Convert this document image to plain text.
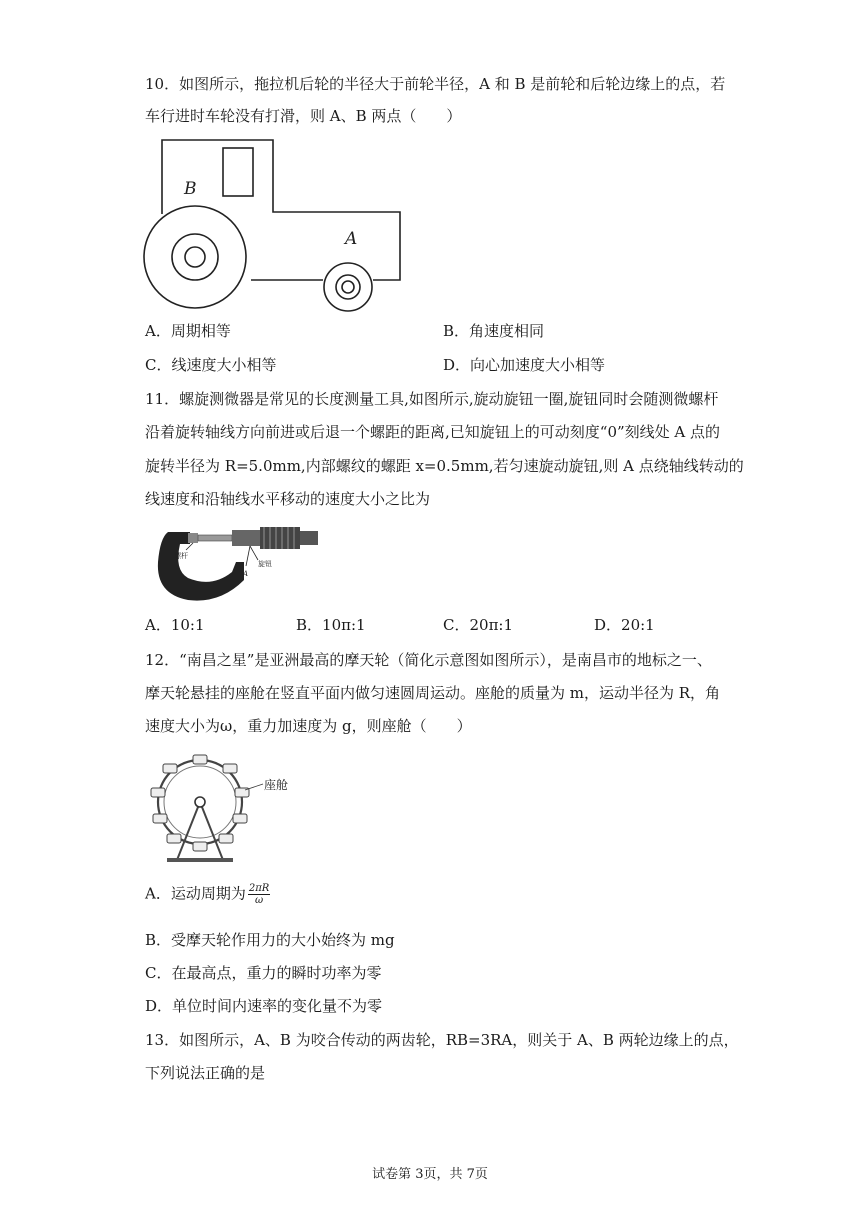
10．如图所示，拖拉机后轮的半径大于前轮半径，A 和 B 是前轮和后轮边缘上的点，若
车行进时车轮没有打滑，则 A、B 两点（　　）
B
A
A．周期相等	B．角速度相同
C．线速度大小相等	D．向心加速度大小相等
11．螺旋测微器是常见的长度测量工具,如图所示,旋动旋钮一圈,旋钮同时会随测微螺杆
沿着旋转轴线方向前进或后退一个螺距的距离,已知旋钮上的可动刻度“0”刻线处 A 点的
旋转半径为 R=5.0mm,内部螺纹的螺距 x=0.5mm,若匀速旋动旋钮,则 A 点绕轴线转动的
线速度和沿轴线水平移动的速度大小之比为
螺杆
旋钮
A
A．10:1	B．10π:1	C．20π:1	D．20:1
12．“南昌之星”是亚洲最高的摩天轮（简化示意图如图所示），是南昌市的地标之一、
摩天轮悬挂的座舱在竖直平面内做匀速圆周运动。座舱的质量为 m，运动半径为 R，角
速度大小为ω，重力加速度为 g，则座舱（　　）
座舱
A．运动周期为 $\frac{2\pi R}{\omega}$
B．受摩天轮作用力的大小始终为 mg
C．在最高点，重力的瞬时功率为零
D．单位时间内速率的变化量不为零
13．如图所示，A、B 为咬合传动的两齿轮，RB=3RA，则关于 A、B 两轮边缘上的点，
下列说法正确的是
试卷第 3页，共 7页
